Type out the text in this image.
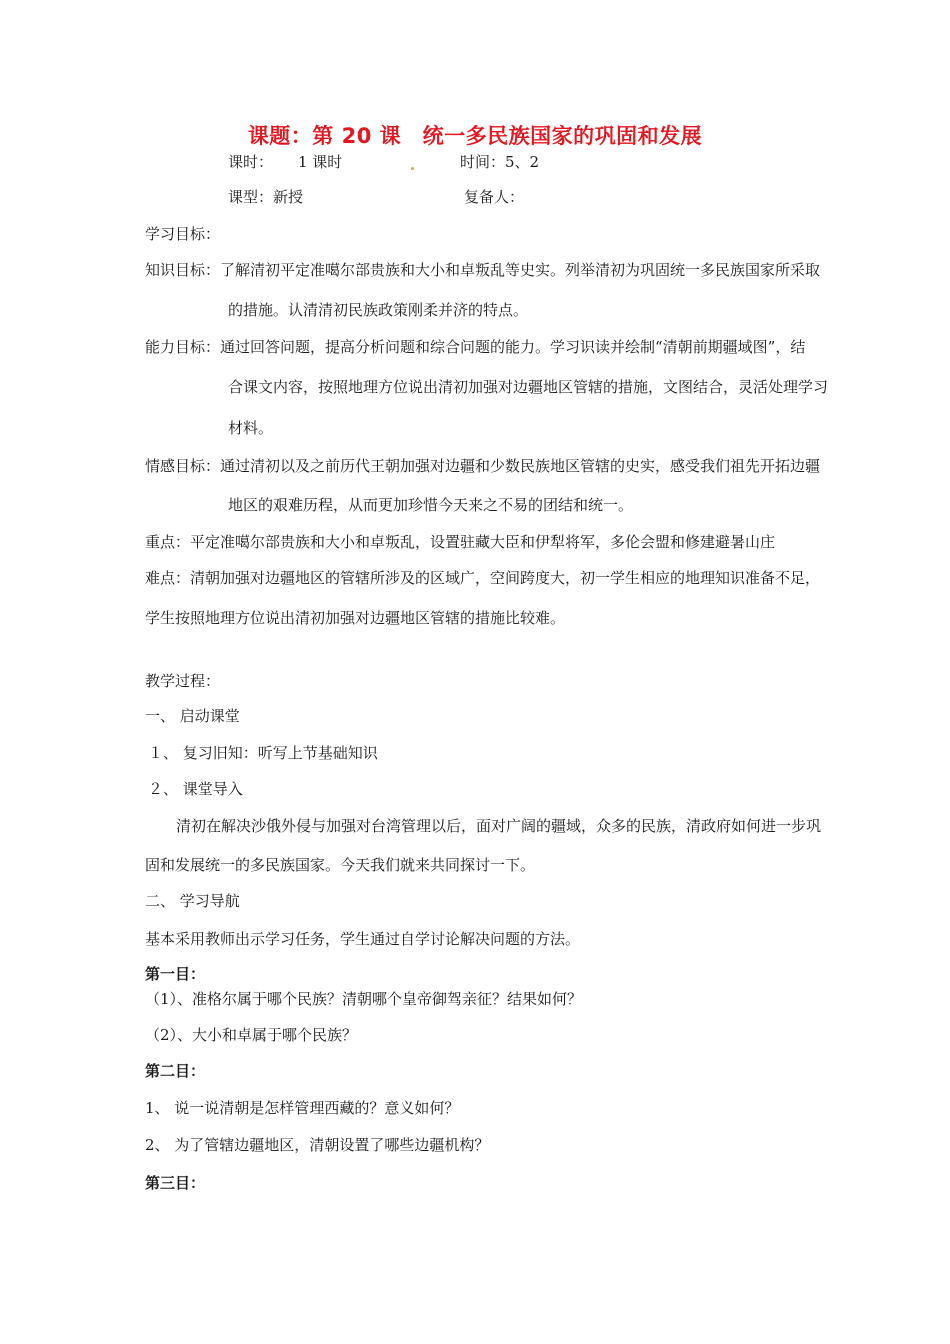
课题：第 20 课　统一多民族国家的巩固和发展
课时： 1 课时	时间：5、2
课型：新授	复备人：
学习目标：
知识目标：了解清初平定准噶尔部贵族和大小和卓叛乱等史实。列举清初为巩固统一多民族国家所采取
的措施。认清清初民族政策刚柔并济的特点。
能力目标：通过回答问题，提高分析问题和综合问题的能力。学习识读并绘制“清朝前期疆域图”，结
合课文内容，按照地理方位说出清初加强对边疆地区管辖的措施，文图结合，灵活处理学习
材料。
情感目标：通过清初以及之前历代王朝加强对边疆和少数民族地区管辖的史实，感受我们祖先开拓边疆
地区的艰难历程，从而更加珍惜今天来之不易的团结和统一。
重点：平定准噶尔部贵族和大小和卓叛乱，设置驻藏大臣和伊犁将军，多伦会盟和修建避暑山庄
难点：清朝加强对边疆地区的管辖所涉及的区域广，空间跨度大，初一学生相应的地理知识准备不足，
学生按照地理方位说出清初加强对边疆地区管辖的措施比较难。
教学过程：
一、 启动课堂
１、 复习旧知：听写上节基础知识
２、 课堂导入
清初在解决沙俄外侵与加强对台湾管理以后，面对广阔的疆域，众多的民族，清政府如何进一步巩
固和发展统一的多民族国家。今天我们就来共同探讨一下。
二、 学习导航
基本采用教师出示学习任务，学生通过自学讨论解决问题的方法。
第一目：
（1）、准格尔属于哪个民族？清朝哪个皇帝御驾亲征？结果如何？
（2）、大小和卓属于哪个民族？
第二目：
1、 说一说清朝是怎样管理西藏的？意义如何？
2、 为了管辖边疆地区，清朝设置了哪些边疆机构？
第三目：
